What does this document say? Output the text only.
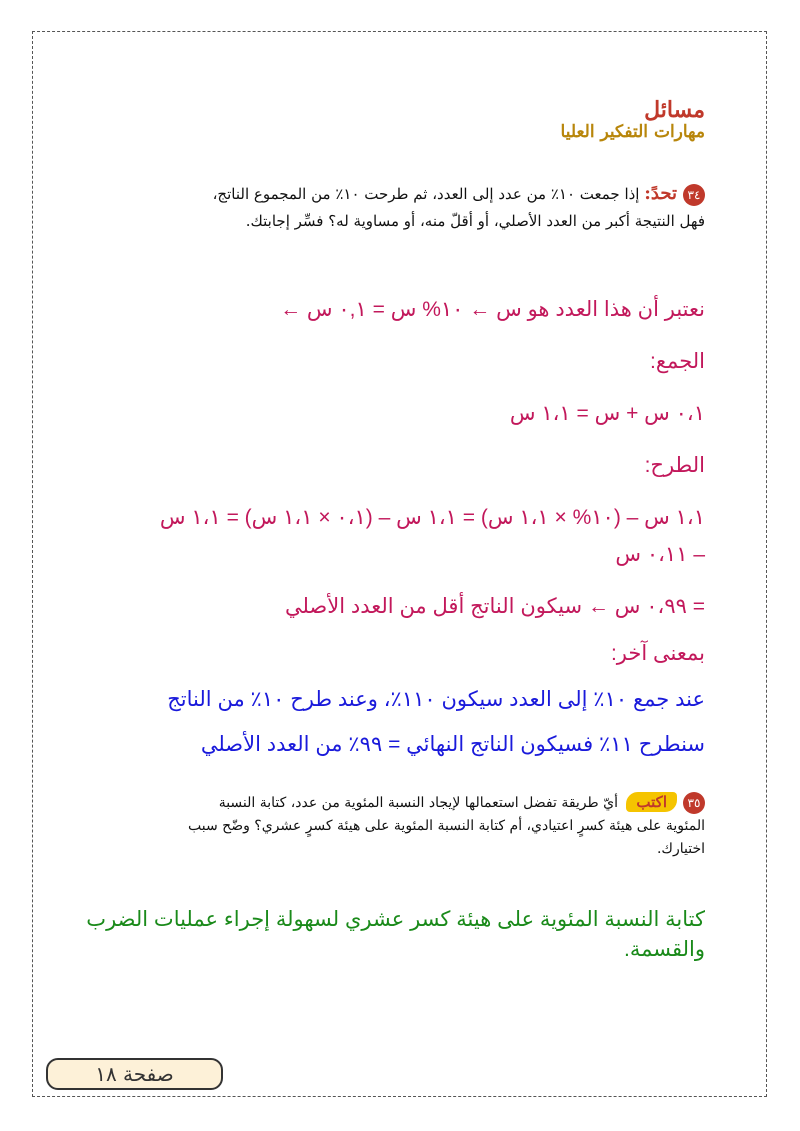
مسائل
مهارات التفكير العليا
٣٤تحدً: إذا جمعت ١٠٪ من عدد إلى العدد، ثم طرحت ١٠٪ من المجموع الناتج، فهل النتيجة أكبر من العدد الأصلي، أو أقلّ منه، أو مساوية له؟ فسِّر إجابتك.
نعتبر أن هذا العدد هو س ← ١٠% س = ٠,١ س ←
الجمع:
٠،١ س + س = ١،١ س
الطرح:
١،١ س – (١٠% × ١،١ س) = ١،١ س – (٠،١ × ١،١ س) = ١،١ س
– ٠،١١ س
= ٠،٩٩ س ← سيكون الناتج أقل من العدد الأصلي
بمعنى آخر:
عند جمع ١٠٪ إلى العدد سيكون ١١٠٪، وعند طرح ١٠٪ من الناتج
سنطرح ١١٪ فسيكون الناتج النهائي = ٩٩٪ من العدد الأصلي
٣٥اكتب أيّ طريقة تفضل استعمالها لإيجاد النسبة المئوية من عدد، كتابة النسبة المئوية على هيئة كسرٍ اعتيادي، أم كتابة النسبة المئوية على هيئة كسرٍ عشري؟ وضّح سبب اختيارك.
كتابة النسبة المئوية على هيئة كسر عشري لسهولة إجراء عمليات الضرب والقسمة.
صفحة ١٨
